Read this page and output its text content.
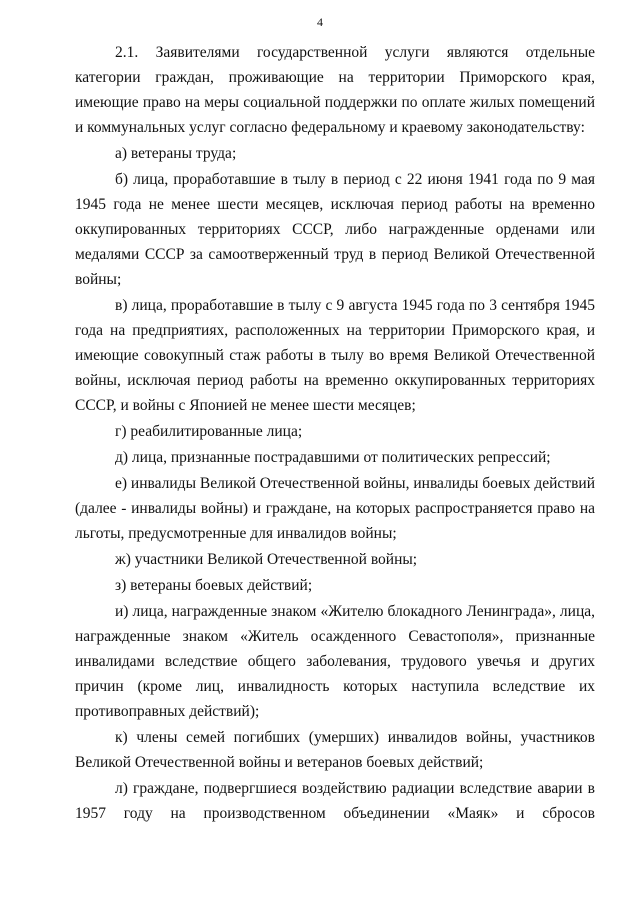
4

2.1. Заявителями государственной услуги являются отдельные категории граждан, проживающие на территории Приморского края, имеющие право на меры социальной поддержки по оплате жилых помещений и коммунальных услуг согласно федеральному и краевому законодательству:

а) ветераны труда;

б) лица, проработавшие в тылу в период с 22 июня 1941 года по 9 мая 1945 года не менее шести месяцев, исключая период работы на временно оккупированных территориях СССР, либо награжденные орденами или медалями СССР за самоотверженный труд в период Великой Отечественной войны;

в) лица, проработавшие в тылу с 9 августа 1945 года по 3 сентября 1945 года на предприятиях, расположенных на территории Приморского края, и имеющие совокупный стаж работы в тылу во время Великой Отечественной войны, исключая период работы на временно оккупированных территориях СССР, и войны с Японией не менее шести месяцев;

г) реабилитированные лица;

д) лица, признанные пострадавшими от политических репрессий;

е) инвалиды Великой Отечественной войны, инвалиды боевых действий (далее - инвалиды войны) и граждане, на которых распространяется право на льготы, предусмотренные для инвалидов войны;

ж) участники Великой Отечественной войны;

з) ветераны боевых действий;

и) лица, награжденные знаком «Жителю блокадного Ленинграда», лица, награжденные знаком «Житель осажденного Севастополя», признанные инвалидами вследствие общего заболевания, трудового увечья и других причин (кроме лиц, инвалидность которых наступила вследствие их противоправных действий);

к) члены семей погибших (умерших) инвалидов войны, участников Великой Отечественной войны и ветеранов боевых действий;

л) граждане, подвергшиеся воздействию радиации вследствие аварии в 1957 году на производственном объединении «Маяк» и сбросов
